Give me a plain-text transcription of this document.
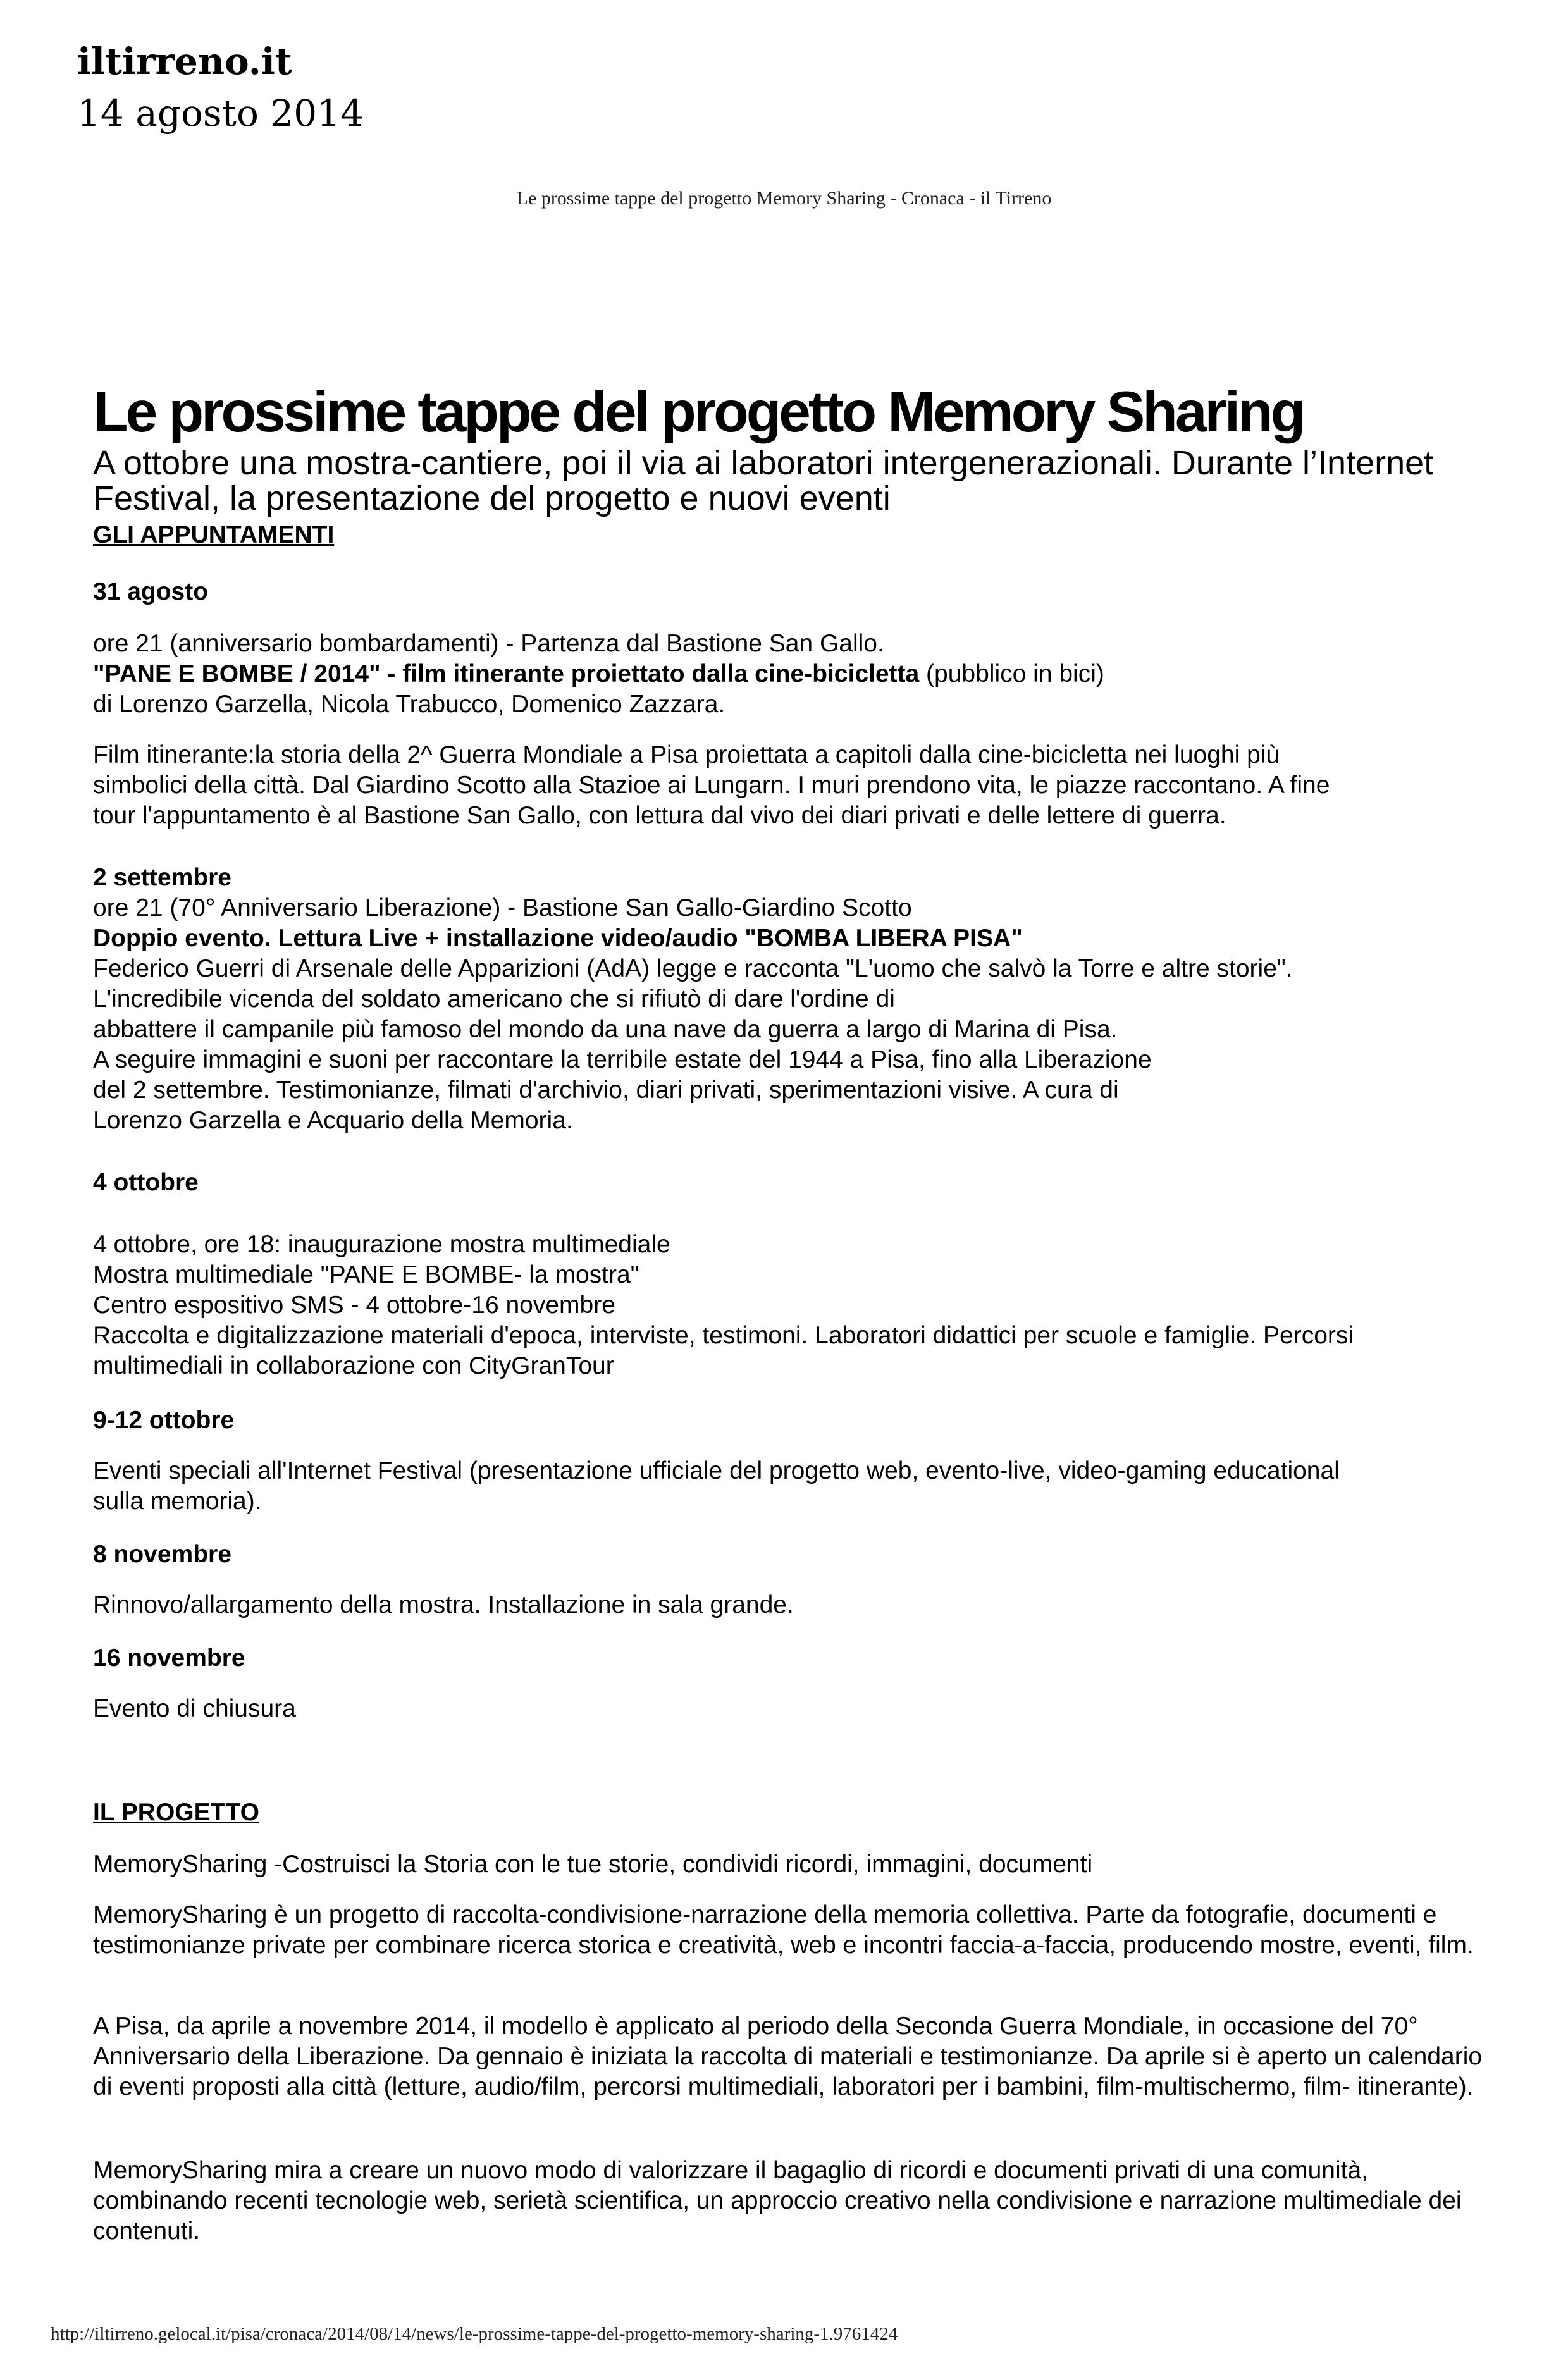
iltirreno.it
14 agosto 2014
Le prossime tappe del progetto Memory Sharing - Cronaca - il Tirreno
Le prossime tappe del progetto Memory Sharing
A ottobre una mostra-cantiere, poi il via ai laboratori intergenerazionali. Durante l’Internet Festival, la presentazione del progetto e nuovi eventi
GLI APPUNTAMENTI
31 agosto
ore 21 (anniversario bombardamenti) - Partenza dal Bastione San Gallo.
"PANE E BOMBE / 2014" - film itinerante proiettato dalla cine-bicicletta (pubblico in bici)
di Lorenzo Garzella, Nicola Trabucco, Domenico Zazzara.
Film itinerante:la storia della 2^ Guerra Mondiale a Pisa proiettata a capitoli dalla cine-bicicletta nei luoghi più
simbolici della città. Dal Giardino Scotto alla Stazioe ai Lungarn. I muri prendono vita, le piazze raccontano. A fine
tour l'appuntamento è al Bastione San Gallo, con lettura dal vivo dei diari privati e delle lettere di guerra.
2 settembre
ore 21 (70° Anniversario Liberazione) - Bastione San Gallo-Giardino Scotto
Doppio evento. Lettura Live + installazione video/audio "BOMBA LIBERA PISA"
Federico Guerri di Arsenale delle Apparizioni (AdA) legge e racconta "L'uomo che salvò la Torre e altre storie".
L'incredibile vicenda del soldato americano che si rifiutò di dare l'ordine di
abbattere il campanile più famoso del mondo da una nave da guerra a largo di Marina di Pisa.
A seguire immagini e suoni per raccontare la terribile estate del 1944 a Pisa, fino alla Liberazione
del 2 settembre. Testimonianze, filmati d'archivio, diari privati, sperimentazioni visive. A cura di
Lorenzo Garzella e Acquario della Memoria.
4 ottobre
4 ottobre, ore 18: inaugurazione mostra multimediale
Mostra multimediale "PANE E BOMBE- la mostra"
Centro espositivo SMS - 4 ottobre-16 novembre
Raccolta e digitalizzazione materiali d'epoca, interviste, testimoni. Laboratori didattici per scuole e famiglie. Percorsi
multimediali in collaborazione con CityGranTour
9-12 ottobre
Eventi speciali all'Internet Festival (presentazione ufficiale del progetto web, evento-live, video-gaming educational
sulla memoria).
8 novembre
Rinnovo/allargamento della mostra. Installazione in sala grande.
16 novembre
Evento di chiusura
IL PROGETTO
MemorySharing -Costruisci la Storia con le tue storie, condividi ricordi, immagini, documenti
MemorySharing è un progetto di raccolta-condivisione-narrazione della memoria collettiva. Parte da fotografie, documenti e testimonianze private per combinare ricerca storica e creatività, web e incontri faccia-a-faccia, producendo mostre, eventi, film.
A Pisa, da aprile a novembre 2014, il modello è applicato al periodo della Seconda Guerra Mondiale, in occasione del 70° Anniversario della Liberazione. Da gennaio è iniziata la raccolta di materiali e testimonianze. Da aprile si è aperto un calendario di eventi proposti alla città (letture, audio/film, percorsi multimediali, laboratori per i bambini, film-multischermo, film- itinerante).
MemorySharing mira a creare un nuovo modo di valorizzare il bagaglio di ricordi e documenti privati di una comunità, combinando recenti tecnologie web, serietà scientifica, un approccio creativo nella condivisione e narrazione multimediale dei contenuti.
http://iltirreno.gelocal.it/pisa/cronaca/2014/08/14/news/le-prossime-tappe-del-progetto-memory-sharing-1.9761424
